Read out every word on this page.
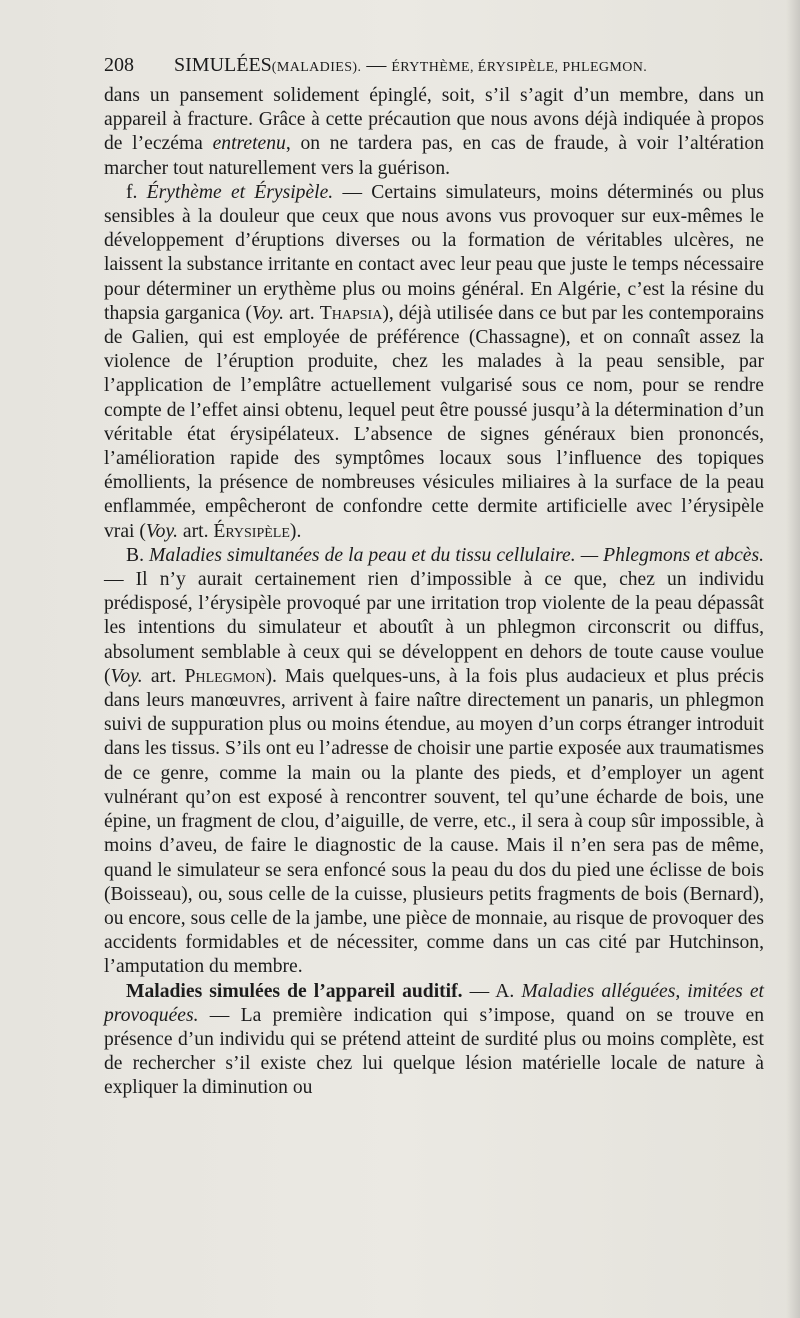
208 SIMULÉES(MALADIES). — ÉRYTHÈME, ÉRYSIPÈLE, PHLEGMON.

dans un pansement solidement épinglé, soit, s’il s’agit d’un membre, dans un appareil à fracture. Grâce à cette précaution que nous avons déjà indiquée à propos de l’eczéma entretenu, on ne tardera pas, en cas de fraude, à voir l’altération marcher tout naturellement vers la guérison.

f. Érythème et Érysipèle. — Certains simulateurs, moins déterminés ou plus sensibles à la douleur que ceux que nous avons vus provoquer sur eux-mêmes le développement d’éruptions diverses ou la formation de véritables ulcères, ne laissent la substance irritante en contact avec leur peau que juste le temps nécessaire pour déterminer un erythème plus ou moins général. En Algérie, c’est la résine du thapsia garganica (Voy. art. Thapsia), déjà utilisée dans ce but par les contemporains de Galien, qui est employée de préférence (Chassagne), et on connaît assez la violence de l’éruption produite, chez les malades à la peau sensible, par l’application de l’emplâtre actuellement vulgarisé sous ce nom, pour se rendre compte de l’effet ainsi obtenu, lequel peut être poussé jusqu’à la détermination d’un véritable état érysipélateux. L’absence de signes généraux bien prononcés, l’amélioration rapide des symptômes locaux sous l’influence des topiques émollients, la présence de nombreuses vésicules miliaires à la surface de la peau enflammée, empêcheront de confondre cette dermite artificielle avec l’érysipèle vrai (Voy. art. Érysipèle).

B. Maladies simultanées de la peau et du tissu cellulaire. — Phlegmons et abcès. — Il n’y aurait certainement rien d’impossible à ce que, chez un individu prédisposé, l’érysipèle provoqué par une irritation trop violente de la peau dépassât les intentions du simulateur et aboutît à un phlegmon circonscrit ou diffus, absolument semblable à ceux qui se développent en dehors de toute cause voulue (Voy. art. Phlegmon). Mais quelques-uns, à la fois plus audacieux et plus précis dans leurs manœuvres, arrivent à faire naître directement un panaris, un phlegmon suivi de suppuration plus ou moins étendue, au moyen d’un corps étranger introduit dans les tissus. S’ils ont eu l’adresse de choisir une partie exposée aux traumatismes de ce genre, comme la main ou la plante des pieds, et d’employer un agent vulnérant qu’on est exposé à rencontrer souvent, tel qu’une écharde de bois, une épine, un fragment de clou, d’aiguille, de verre, etc., il sera à coup sûr impossible, à moins d’aveu, de faire le diagnostic de la cause. Mais il n’en sera pas de même, quand le simulateur se sera enfoncé sous la peau du dos du pied une éclisse de bois (Boisseau), ou, sous celle de la cuisse, plusieurs petits fragments de bois (Bernard), ou encore, sous celle de la jambe, une pièce de monnaie, au risque de provoquer des accidents formidables et de nécessiter, comme dans un cas cité par Hutchinson, l’amputation du membre.

Maladies simulées de l’appareil auditif. — A. Maladies alléguées, imitées et provoquées. — La première indication qui s’impose, quand on se trouve en présence d’un individu qui se prétend atteint de surdité plus ou moins complète, est de rechercher s’il existe chez lui quelque lésion matérielle locale de nature à expliquer la diminution ou
